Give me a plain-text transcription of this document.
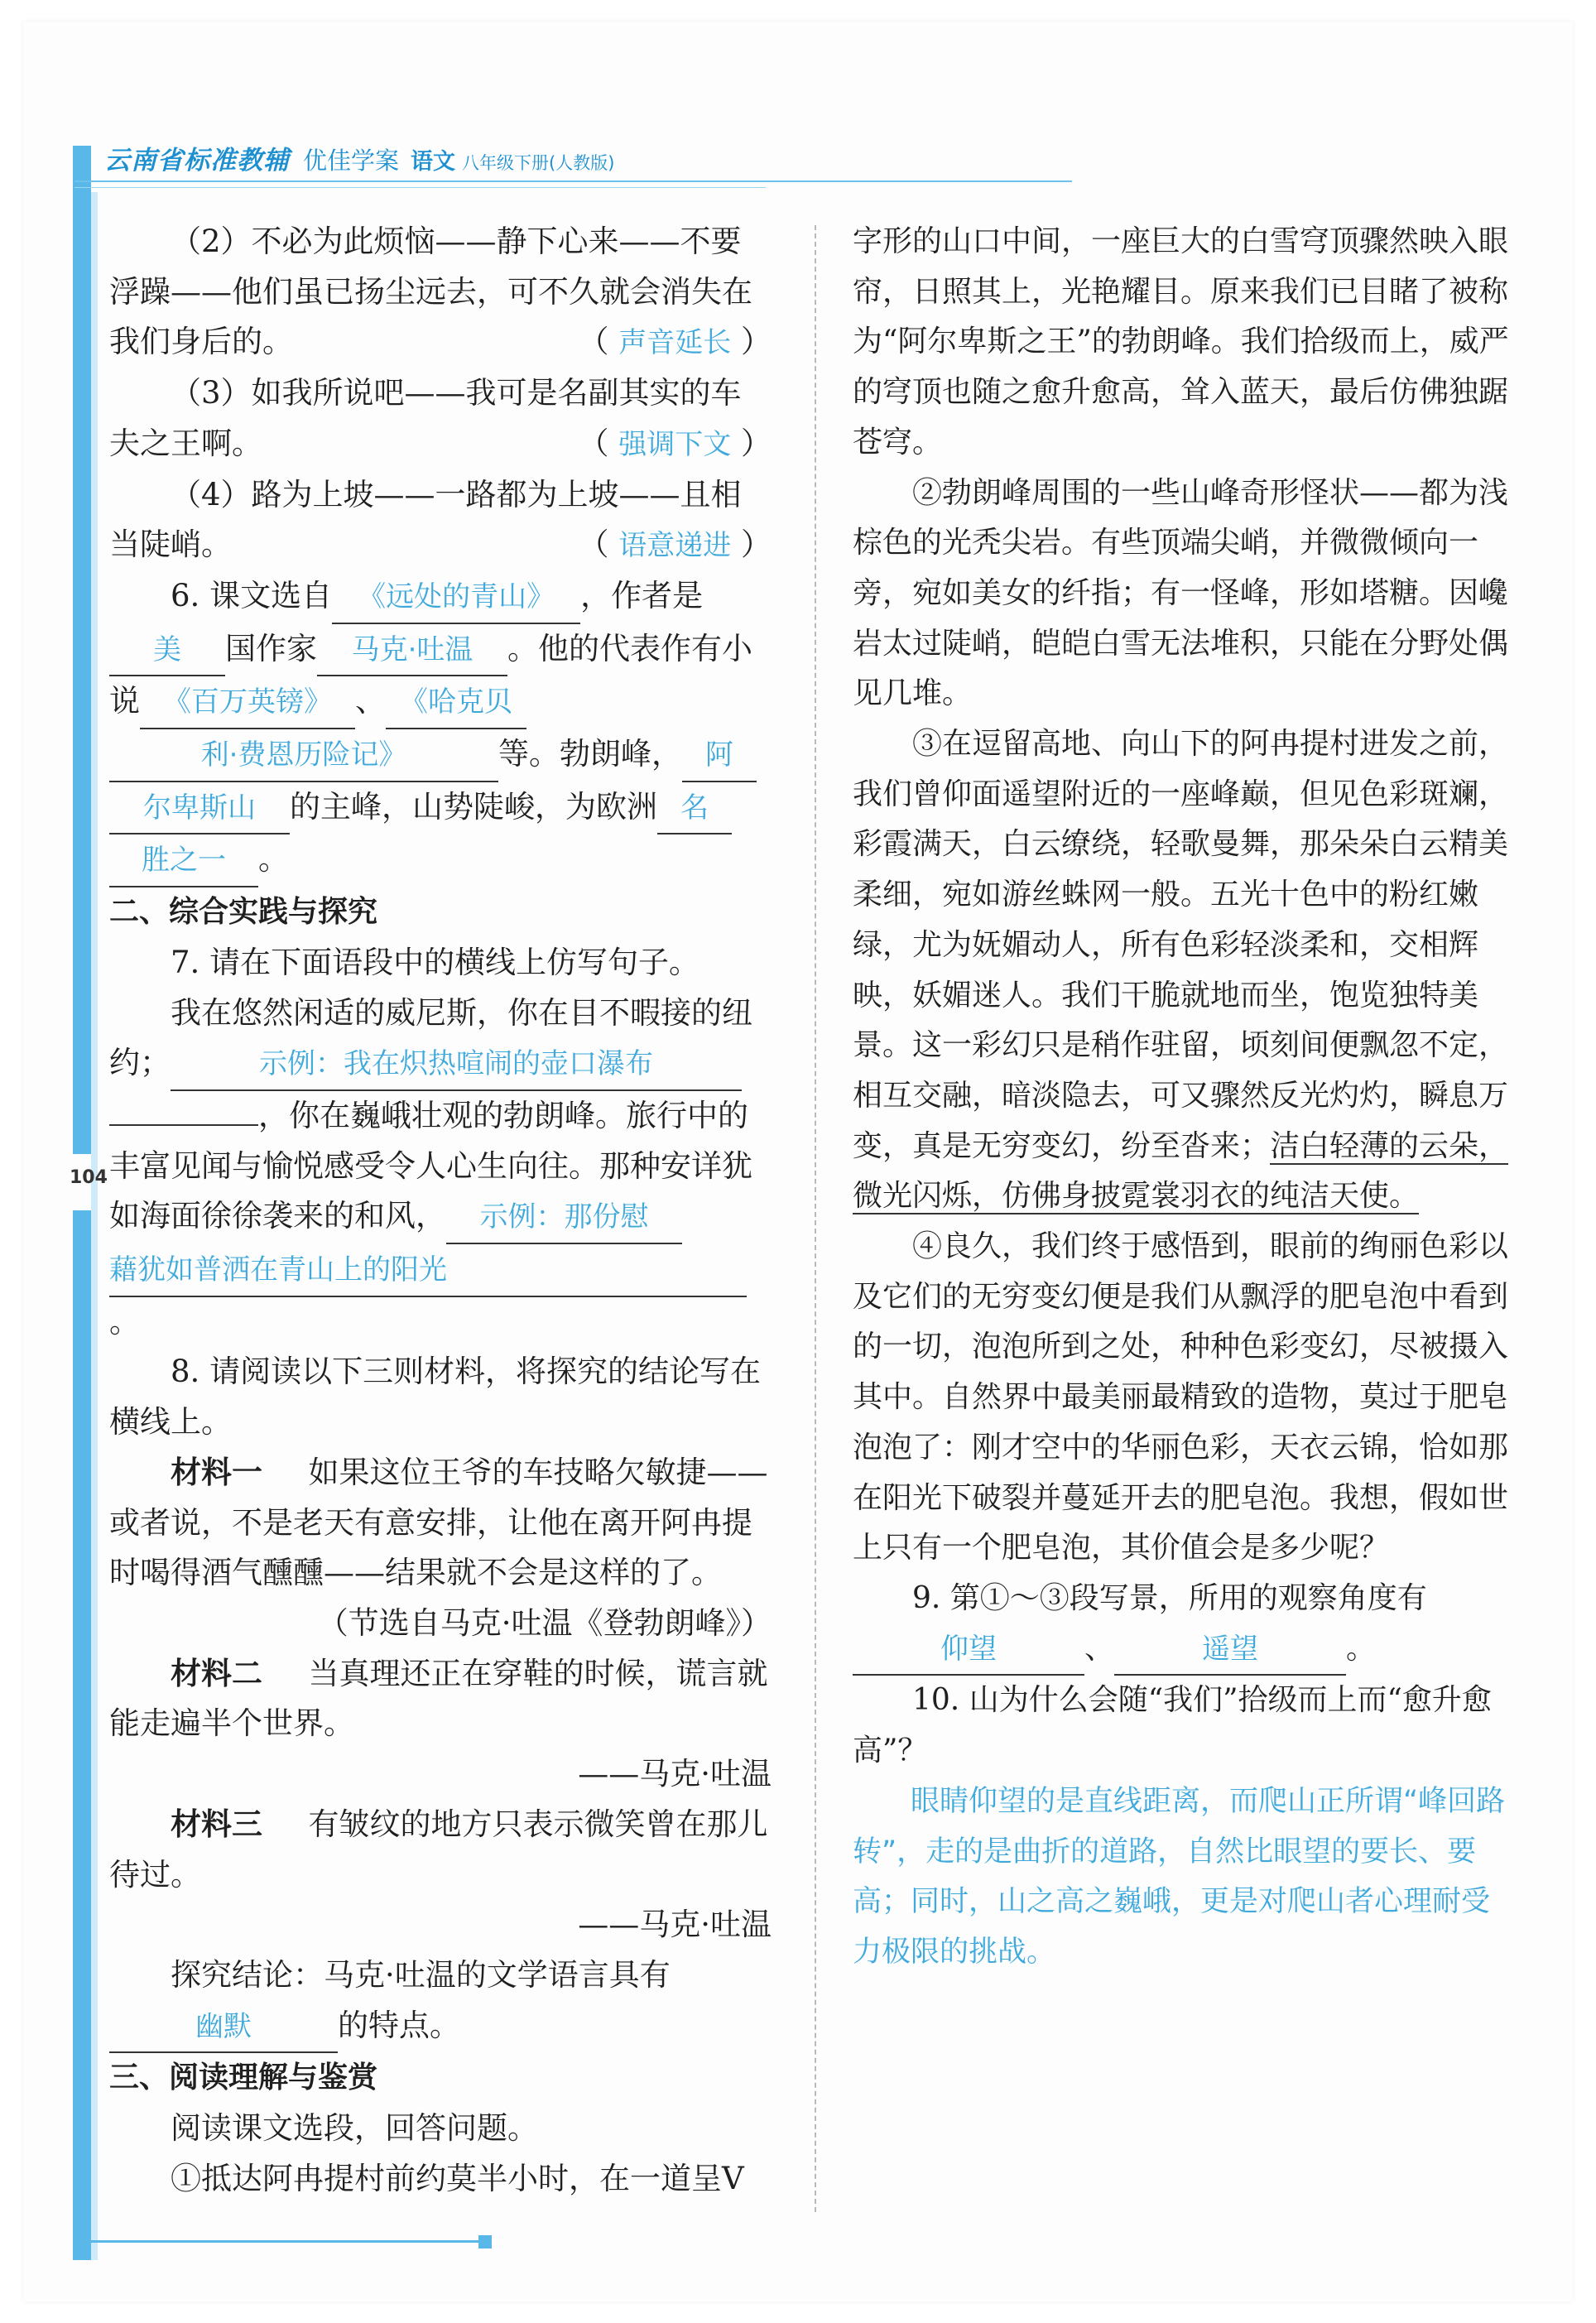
104
云南省标准教辅 优佳学案 语文 八年级下册(人教版)

（2）不必为此烦恼——静下心来——不要浮躁——他们虽已扬尘远去，可不久就会消失在我们身后的。	（ 声音延长 ）

（3）如我所说吧——我可是名副其实的车夫之王啊。	（ 强调下文 ）

（4）路为上坡——一路都为上坡——且相当陡峭。	（ 语意递进 ）

6. 课文选自 《远处的青山》 ，作者是美 国作家 马克·吐温 。他的代表作有小说 《百万英镑》 、 《哈克贝利·费恩历险记》	等。勃朗峰， 阿尔卑斯山 的主峰，山势陡峻，为欧洲 名胜之一 。

二、综合实践与探究

7. 请在下面语段中的横线上仿写句子。

我在悠然闲适的威尼斯，你在目不暇接的纽约；	示例：我在炽热喧闹的壶口瀑布，你在巍峨壮观的勃朗峰。旅行中的丰富见闻与愉悦感受令人心生向往。那种安详犹如海面徐徐袭来的和风， 示例：那份慰藉犹如普洒在青山上的阳光。

8. 请阅读以下三则材料，将探究的结论写在横线上。

材料一 如果这位王爷的车技略欠敏捷——或者说，不是老天有意安排，让他在离开阿冉提时喝得酒气醺醺——结果就不会是这样的了。

（节选自马克·吐温《登勃朗峰》）

材料二 当真理还正在穿鞋的时候，谎言就能走遍半个世界。

——马克·吐温

材料三 有皱纹的地方只表示微笑曾在那儿待过。

——马克·吐温

探究结论：马克·吐温的文学语言具有幽默	的特点。

三、阅读理解与鉴赏

阅读课文选段，回答问题。

①抵达阿冉提村前约莫半小时，在一道呈V

字形的山口中间，一座巨大的白雪穹顶骤然映入眼帘，日照其上，光艳耀目。原来我们已目睹了被称为“阿尔卑斯之王”的勃朗峰。我们拾级而上，威严的穹顶也随之愈升愈高，耸入蓝天，最后仿佛独踞苍穹。

②勃朗峰周围的一些山峰奇形怪状——都为浅棕色的光秃尖岩。有些顶端尖峭，并微微倾向一旁，宛如美女的纤指；有一怪峰，形如塔糖。因巉岩太过陡峭，皑皑白雪无法堆积，只能在分野处偶见几堆。

③在逗留高地、向山下的阿冉提村进发之前，我们曾仰面遥望附近的一座峰巅，但见色彩斑斓，彩霞满天，白云缭绕，轻歌曼舞，那朵朵白云精美柔细，宛如游丝蛛网一般。五光十色中的粉红嫩绿，尤为妩媚动人，所有色彩轻淡柔和，交相辉映，妖媚迷人。我们干脆就地而坐，饱览独特美景。这一彩幻只是稍作驻留，顷刻间便飘忽不定，相互交融，暗淡隐去，可又骤然反光灼灼，瞬息万变，真是无穷变幻，纷至沓来；洁白轻薄的云朵，微光闪烁，仿佛身披霓裳羽衣的纯洁天使。

④良久，我们终于感悟到，眼前的绚丽色彩以及它们的无穷变幻便是我们从飘浮的肥皂泡中看到的一切，泡泡所到之处，种种色彩变幻，尽被摄入其中。自然界中最美丽最精致的造物，莫过于肥皂泡泡了：刚才空中的华丽色彩，天衣云锦，恰如那在阳光下破裂并蔓延开去的肥皂泡。我想，假如世上只有一个肥皂泡，其价值会是多少呢？

9. 第①～③段写景，所用的观察角度有仰望	、	遥望	。

10. 山为什么会随“我们”拾级而上而“愈升愈高”？

眼睛仰望的是直线距离，而爬山正所谓“峰回路转”，走的是曲折的道路，自然比眼望的要长、要高；同时，山之高之巍峨，更是对爬山者心理耐受力极限的挑战。
